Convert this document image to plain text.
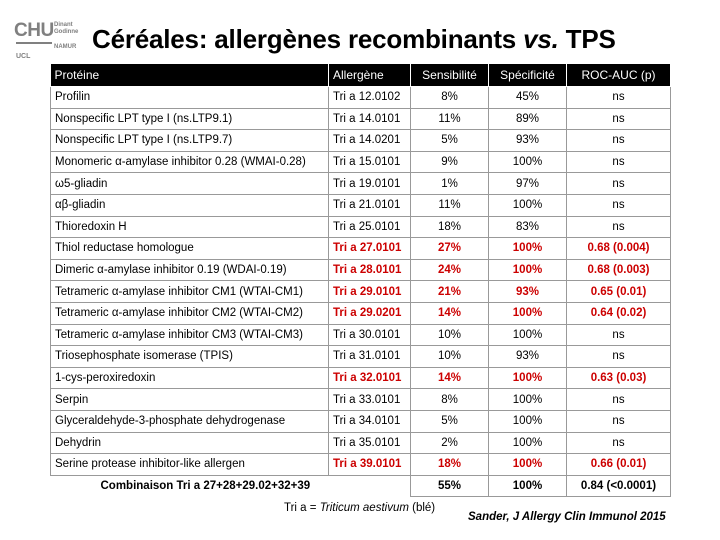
CHU Dinant
Godinne
NAMUR
UCL
Céréales: allergènes recombinants vs. TPS
Protéine	Allergène	Sensibilité	Spécificité	ROC-AUC (p)
Profilin	Tri a 12.0102	8%	45%	ns
Nonspecific LPT type I (ns.LTP9.1)	Tri a 14.0101	11%	89%	ns
Nonspecific LPT type I (ns.LTP9.7)	Tri a 14.0201	5%	93%	ns
Monomeric α-amylase inhibitor 0.28 (WMAI-0.28)	Tri a 15.0101	9%	100%	ns
ω5-gliadin	Tri a 19.0101	1%	97%	ns
αβ-gliadin	Tri a 21.0101	11%	100%	ns
Thioredoxin H	Tri a 25.0101	18%	83%	ns
Thiol reductase homologue	Tri a 27.0101	27%	100%	0.68 (0.004)
Dimeric α-amylase inhibitor 0.19 (WDAI-0.19)	Tri a 28.0101	24%	100%	0.68 (0.003)
Tetrameric α-amylase inhibitor CM1 (WTAI-CM1)	Tri a 29.0101	21%	93%	0.65 (0.01)
Tetrameric α-amylase inhibitor CM2 (WTAI-CM2)	Tri a 29.0201	14%	100%	0.64 (0.02)
Tetrameric α-amylase inhibitor CM3 (WTAI-CM3)	Tri a 30.0101	10%	100%	ns
Triosephosphate isomerase (TPIS)	Tri a 31.0101	10%	93%	ns
1-cys-peroxiredoxin	Tri a 32.0101	14%	100%	0.63 (0.03)
Serpin	Tri a 33.0101	8%	100%	ns
Glyceraldehyde-3-phosphate dehydrogenase	Tri a 34.0101	5%	100%	ns
Dehydrin	Tri a 35.0101	2%	100%	ns
Serine protease inhibitor-like allergen	Tri a 39.0101	18%	100%	0.66 (0.01)
Combinaison Tri a 27+28+29.02+32+39		55%	100%	0.84 (<0.0001)
Tri a = Triticum aestivum (blé)
Sander, J Allergy Clin Immunol 2015
